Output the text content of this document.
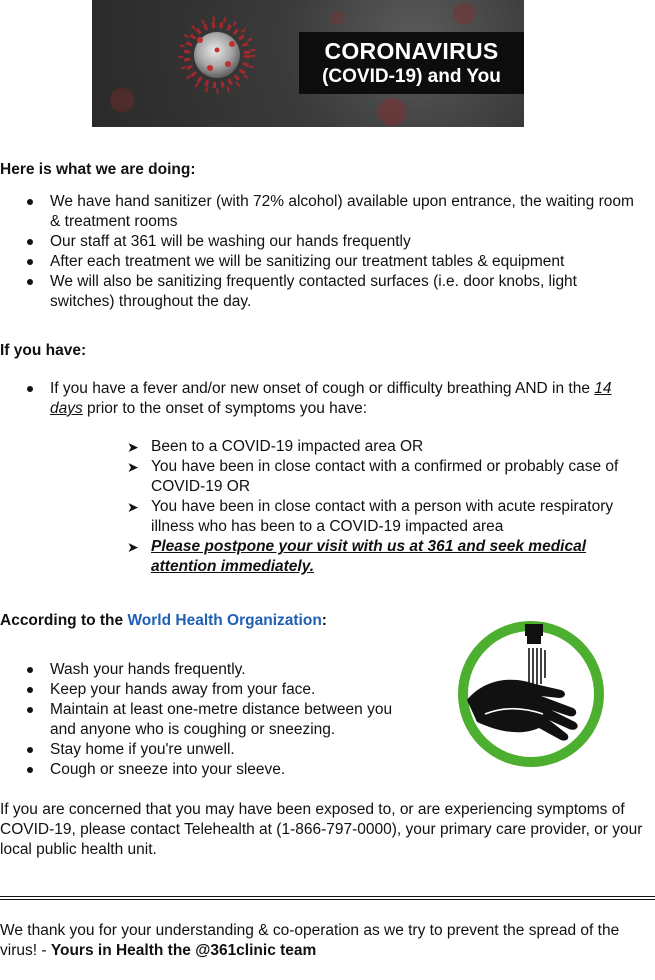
CORONAVIRUS
(COVID-19) and You
Here is what we are doing:
We have hand sanitizer (with 72% alcohol) available upon entrance, the waiting room & treatment rooms
Our staff at 361 will be washing our hands frequently
After each treatment we will be sanitizing our treatment tables & equipment
We will also be sanitizing frequently contacted surfaces (i.e. door knobs, light switches) throughout the day.
If you have:
If you have a fever and/or new onset of cough or difficulty breathing AND in the 14 days prior to the onset of symptoms you have:
➤ Been to a COVID-19 impacted area OR
➤ You have been in close contact with a confirmed or probably case of COVID-19 OR
➤ You have been in close contact with a person with acute respiratory illness who has been to a COVID-19 impacted area
➤ Please postpone your visit with us at 361 and seek medical attention immediately.
According to the World Health Organization:
Wash your hands frequently.
Keep your hands away from your face.
Maintain at least one-metre distance between you and anyone who is coughing or sneezing.
Stay home if you're unwell.
Cough or sneeze into your sleeve.
If you are concerned that you may have been exposed to, or are experiencing symptoms of COVID-19, please contact Telehealth at (1-866-797-0000), your primary care provider, or your local public health unit.
We thank you for your understanding & co-operation as we try to prevent the spread of the virus! - Yours in Health the @361clinic team
